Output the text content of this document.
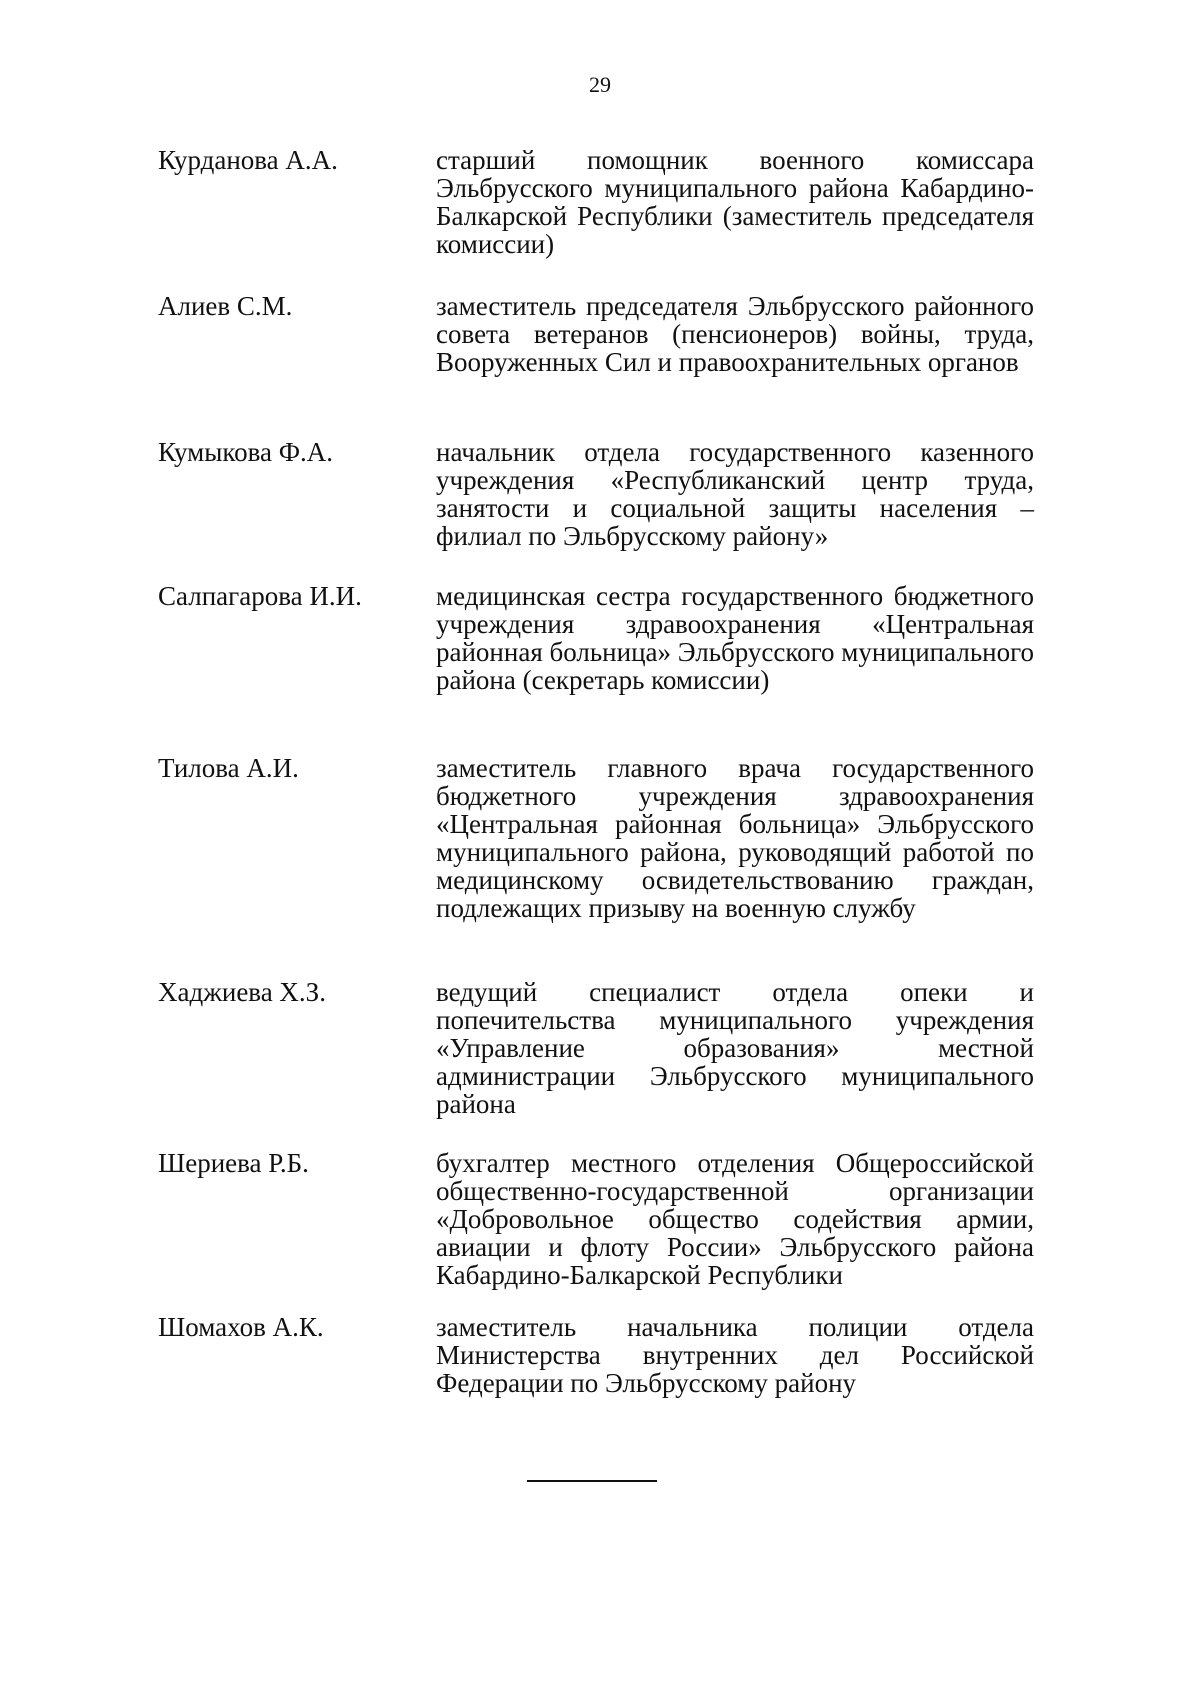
29
Курданова А.А.	старший помощник военного комиссара Эльбрусского муниципального района Кабардино-Балкарской Республики (заместитель председателя комиссии)
Алиев С.М.	заместитель председателя Эльбрусского районного совета ветеранов (пенсионеров) войны, труда, Вооруженных Сил и правоохранительных органов
Кумыкова Ф.А.	начальник отдела государственного казенного учреждения «Республиканский центр труда, занятости и социальной защиты населения – филиал по Эльбрусскому району»
Салпагарова И.И.	медицинская сестра государственного бюджетного учреждения здравоохранения «Центральная районная больница» Эльбрусского муниципального района (секретарь комиссии)
Тилова А.И.	заместитель главного врача государственного бюджетного учреждения здравоохранения «Центральная районная больница» Эльбрусского муниципального района, руководящий работой по медицинскому освидетельствованию граждан, подлежащих призыву на военную службу
Хаджиева Х.З.	ведущий специалист отдела опеки и попечительства муниципального учреждения «Управление образования» местной администрации Эльбрусского муниципального района
Шериева Р.Б.	бухгалтер местного отделения Общероссийской общественно-государственной организации «Добровольное общество содействия армии, авиации и флоту России» Эльбрусского района Кабардино-Балкарской Республики
Шомахов А.К.	заместитель начальника полиции отдела Министерства внутренних дел Российской Федерации по Эльбрусскому району
